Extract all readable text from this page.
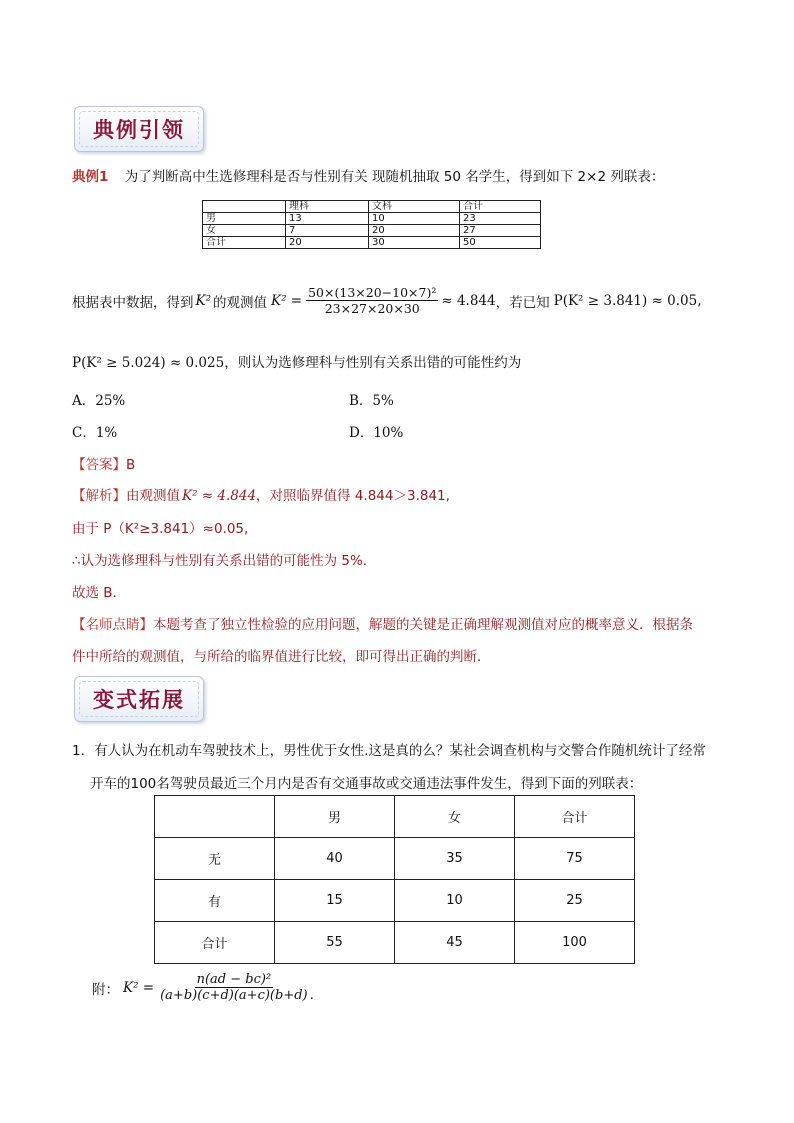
典例引领
典例1 为了判断高中生选修理科是否与性别有关 现随机抽取 50 名学生，得到如下 2×2 列联表：
	理科	文科	合计
男	13	10	23
女	7	20	27
合计	20	30	50
根据表中数据，得到 K² 的观测值 $K^2 = \frac{\text{50×(13×20−10×7)²}}{23\times 27\times 20\times 30} \approx 4.844$ ，若已知 P(K² ≥ 3.841) ≈ 0.05 ,
P(K² ≥ 5.024) ≈ 0.025，则认为选修理科与性别有关系出错的可能性约为
A．25%	B．5%
C．1%	D．10%
【答案】B
【解析】由观测值 K² ≈ 4.844，对照临界值得 4.844＞3.841,
由于 P（K²≥3.841）≈0.05,
∴认为选修理科与性别有关系出错的可能性为 5%．
故选 B．
【名师点睛】本题考查了独立性检验的应用问题，解题的关键是正确理解观测值对应的概率意义．根据条
件中所给的观测值，与所给的临界值进行比较，即可得出正确的判断．
变式拓展
1．有人认为在机动车驾驶技术上，男性优于女性.这是真的么？某社会调查机构与交警合作随机统计了经常
开车的100名驾驶员最近三个月内是否有交通事故或交通违法事件发生，得到下面的列联表：
	男	女	合计
无	40	35	75
有	15	10	25
合计	55	45	100
附： $K^2 = \frac{\text{n(ad − bc)²}}{(a+b)(c+d)(a+c)(b+d)}$ .
